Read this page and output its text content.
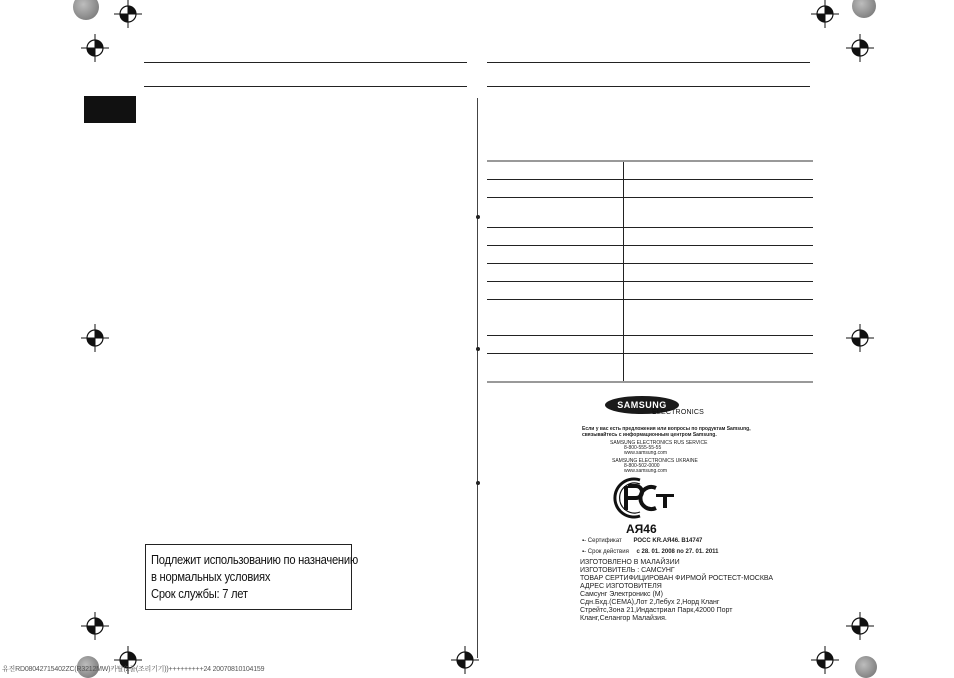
SAMSUNG
ELECTRONICS
Если у вас есть предложения или вопросы по продуктам Samsung,
связывайтесь с информационным центром Samsung.
SAMSUNG ELECTRONICS RUS SERVICE
8-800-555-55-55
www.samsung.com
SAMSUNG ELECTRONICS UKRAINE
8-800-502-0000
www.samsung.com
АЯ46
▪- Сертификат РОСС KR.AЯ46. B14747
▪- Срок действия с 28. 01. 2008 по 27. 01. 2011
ИЗГОТОВЛЕНО В МАЛАЙЗИИ
ИЗГОТОВИТЕЛЬ : САМСУНГ
ТОВАР СЕРТИФИЦИРОВАН ФИРМОЙ РОСТЕСТ-МОСКВА
АДРЕС ИЗГОТОВИТЕЛЯ
Самсунг Электроникс (М)
Сдн.Бхд.(СЕМА),Лот 2,Лебух 2,Норд Кланг
Стрейтс,Зона 21,Индастриал Парк,42000 Порт
Кланг,Селангор Малайзия.
Подлежит использованию по назначению
в нормальных условиях
Срок службы: 7 лет
유진RD08042715402ZC(R3212MW)카탈(2줄(조리기기))+++++++++24 20070810104159
